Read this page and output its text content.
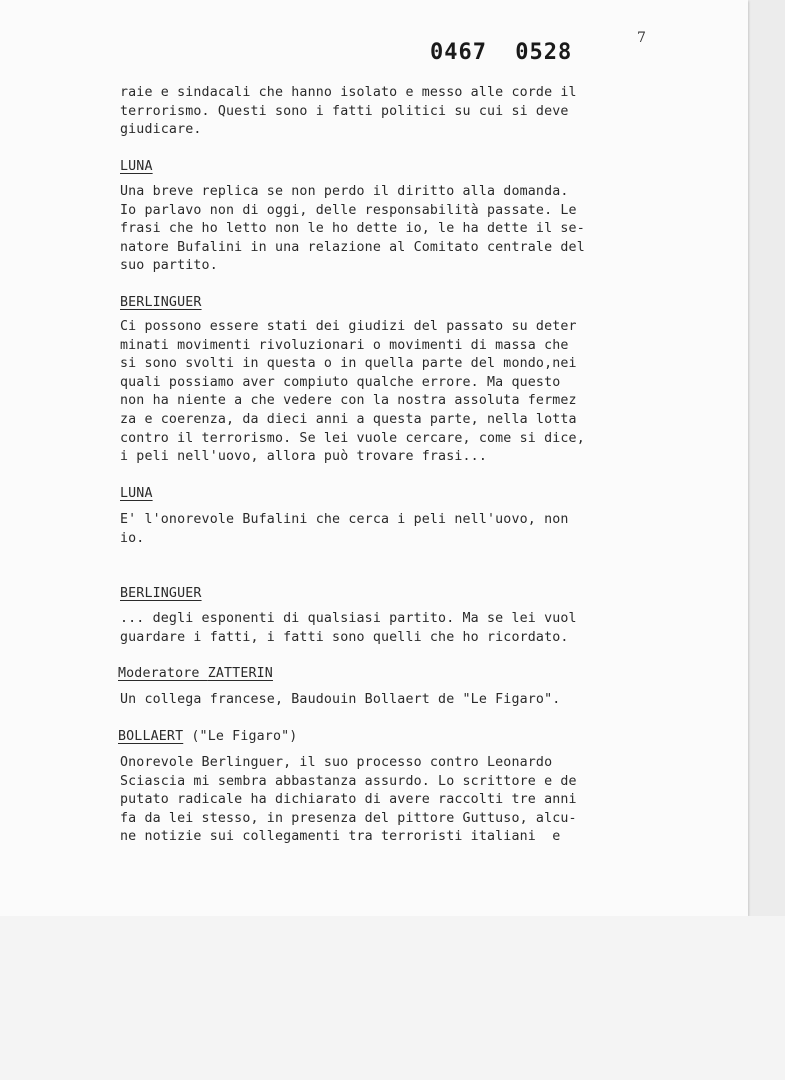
7
0467 0528
raie e sindacali che hanno isolato e messo alle corde il
terrorismo. Questi sono i fatti politici su cui si deve
giudicare.
LUNA
Una breve replica se non perdo il diritto alla domanda.
Io parlavo non di oggi, delle responsabilità passate. Le
frasi che ho letto non le ho dette io, le ha dette il se-
natore Bufalini in una relazione al Comitato centrale del
suo partito.
BERLINGUER
Ci possono essere stati dei giudizi del passato su deter
minati movimenti rivoluzionari o movimenti di massa che
si sono svolti in questa o in quella parte del mondo,nei
quali possiamo aver compiuto qualche errore. Ma questo
non ha niente a che vedere con la nostra assoluta fermez
za e coerenza, da dieci anni a questa parte, nella lotta
contro il terrorismo. Se lei vuole cercare, come si dice,
i peli nell'uovo, allora può trovare frasi...
LUNA
E' l'onorevole Bufalini che cerca i peli nell'uovo, non
io.
BERLINGUER
... degli esponenti di qualsiasi partito. Ma se lei vuol
guardare i fatti, i fatti sono quelli che ho ricordato.
Moderatore ZATTERIN
Un collega francese, Baudouin Bollaert de "Le Figaro".
BOLLAERT ("Le Figaro")
Onorevole Berlinguer, il suo processo contro Leonardo
Sciascia mi sembra abbastanza assurdo. Lo scrittore e de
putato radicale ha dichiarato di avere raccolti tre anni
fa da lei stesso, in presenza del pittore Guttuso, alcu-
ne notizie sui collegamenti tra terroristi italiani  e
